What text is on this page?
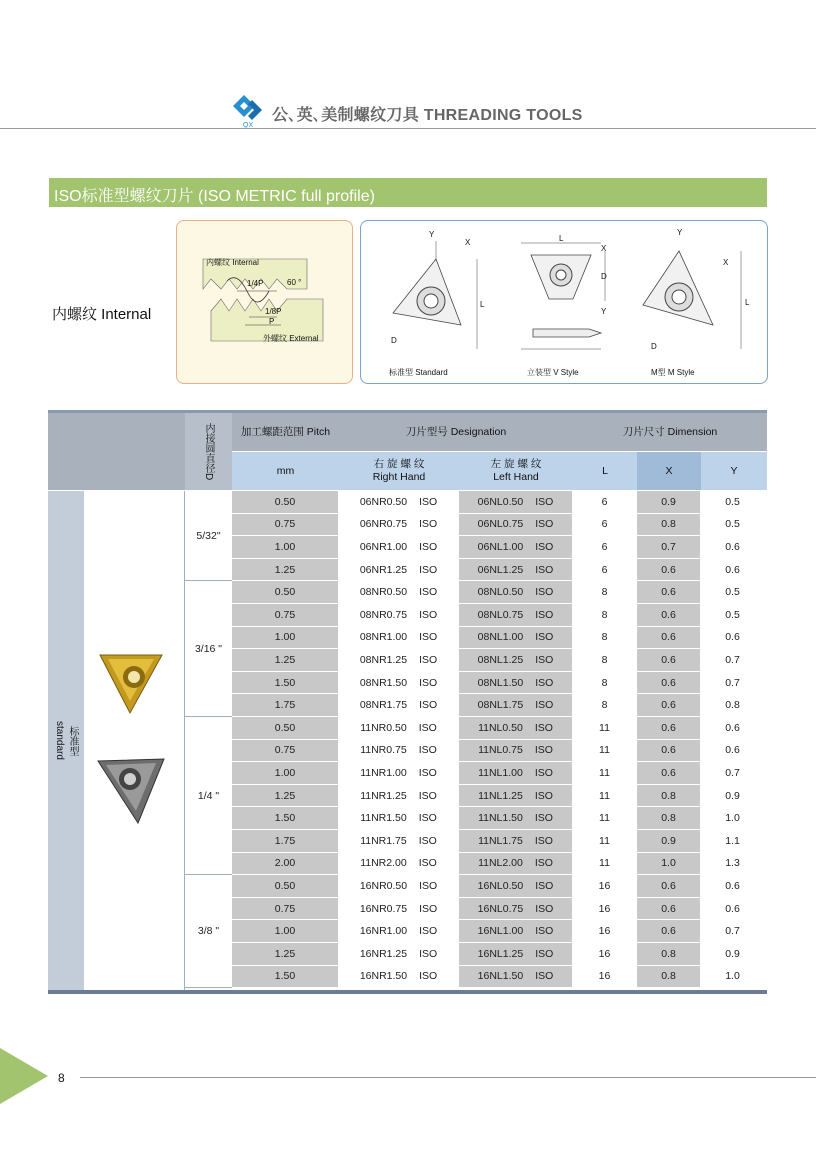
QX
公､英､美制螺纹刀具 THREADING TOOLS
ISO标准型螺纹刀片 (ISO METRIC full profile)
内螺纹 Internal
内螺纹 Internal
1/4P	60 °
1/8P
P
外螺纹 External
Y
X
L
D
L
X
D
Y
Y
X
L
D
标准型 Standard	立装型 V Style	M型 M Style
内接圆直径D	加工螺距范围 Pitch	刀片型号 Designation	刀片尺寸 Dimension
mm
右 旋 螺 纹
Right Hand
左 旋 螺 纹
Left Hand
L	X	Y
标准型
standard
5/32"
0.50	06NR0.50 ISO	06NL0.50 ISO	6	0.9	0.5
0.75	06NR0.75 ISO	06NL0.75 ISO	6	0.8	0.5
1.00	06NR1.00 ISO	06NL1.00 ISO	6	0.7	0.6
1.25	06NR1.25 ISO	06NL1.25 ISO	6	0.6	0.6
3/16 "
0.50	08NR0.50 ISO	08NL0.50 ISO	8	0.6	0.5
0.75	08NR0.75 ISO	08NL0.75 ISO	8	0.6	0.5
1.00	08NR1.00 ISO	08NL1.00 ISO	8	0.6	0.6
1.25	08NR1.25 ISO	08NL1.25 ISO	8	0.6	0.7
1.50	08NR1.50 ISO	08NL1.50 ISO	8	0.6	0.7
1.75	08NR1.75 ISO	08NL1.75 ISO	8	0.6	0.8
1/4 "
0.50	11NR0.50 ISO	11NL0.50 ISO	11	0.6	0.6
0.75	11NR0.75 ISO	11NL0.75 ISO	11	0.6	0.6
1.00	11NR1.00 ISO	11NL1.00 ISO	11	0.6	0.7
1.25	11NR1.25 ISO	11NL1.25 ISO	11	0.8	0.9
1.50	11NR1.50 ISO	11NL1.50 ISO	11	0.8	1.0
1.75	11NR1.75 ISO	11NL1.75 ISO	11	0.9	1.1
2.00	11NR2.00 ISO	11NL2.00 ISO	11	1.0	1.3
3/8 "
0.50	16NR0.50 ISO	16NL0.50 ISO	16	0.6	0.6
0.75	16NR0.75 ISO	16NL0.75 ISO	16	0.6	0.6
1.00	16NR1.00 ISO	16NL1.00 ISO	16	0.6	0.7
1.25	16NR1.25 ISO	16NL1.25 ISO	16	0.8	0.9
1.50	16NR1.50 ISO	16NL1.50 ISO	16	0.8	1.0
8
